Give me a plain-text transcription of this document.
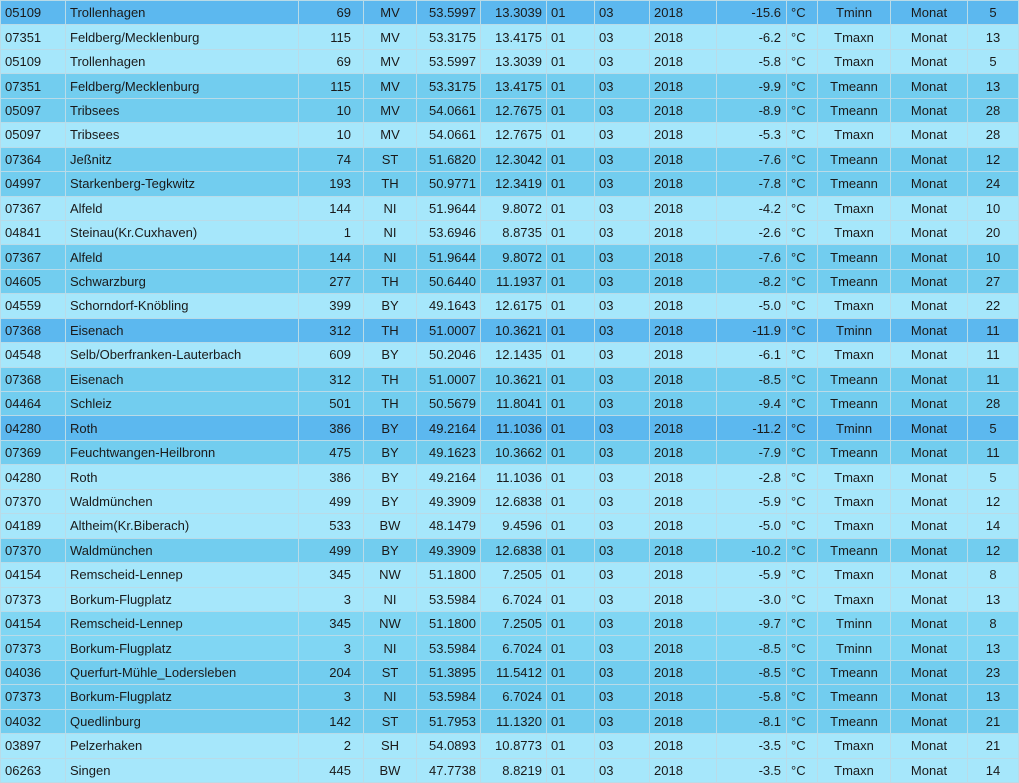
05109	Trollenhagen	69	MV	53.5997	13.3039	01	03	2018	-15.6	°C	Tminn	Monat	5
07351	Feldberg/Mecklenburg	115	MV	53.3175	13.4175	01	03	2018	-6.2	°C	Tmaxn	Monat	13
05109	Trollenhagen	69	MV	53.5997	13.3039	01	03	2018	-5.8	°C	Tmaxn	Monat	5
07351	Feldberg/Mecklenburg	115	MV	53.3175	13.4175	01	03	2018	-9.9	°C	Tmeann	Monat	13
05097	Tribsees	10	MV	54.0661	12.7675	01	03	2018	-8.9	°C	Tmeann	Monat	28
05097	Tribsees	10	MV	54.0661	12.7675	01	03	2018	-5.3	°C	Tmaxn	Monat	28
07364	Jeßnitz	74	ST	51.6820	12.3042	01	03	2018	-7.6	°C	Tmeann	Monat	12
04997	Starkenberg-Tegkwitz	193	TH	50.9771	12.3419	01	03	2018	-7.8	°C	Tmeann	Monat	24
07367	Alfeld	144	NI	51.9644	9.8072	01	03	2018	-4.2	°C	Tmaxn	Monat	10
04841	Steinau(Kr.Cuxhaven)	1	NI	53.6946	8.8735	01	03	2018	-2.6	°C	Tmaxn	Monat	20
07367	Alfeld	144	NI	51.9644	9.8072	01	03	2018	-7.6	°C	Tmeann	Monat	10
04605	Schwarzburg	277	TH	50.6440	11.1937	01	03	2018	-8.2	°C	Tmeann	Monat	27
04559	Schorndorf-Knöbling	399	BY	49.1643	12.6175	01	03	2018	-5.0	°C	Tmaxn	Monat	22
07368	Eisenach	312	TH	51.0007	10.3621	01	03	2018	-11.9	°C	Tminn	Monat	11
04548	Selb/Oberfranken-Lauterbach	609	BY	50.2046	12.1435	01	03	2018	-6.1	°C	Tmaxn	Monat	11
07368	Eisenach	312	TH	51.0007	10.3621	01	03	2018	-8.5	°C	Tmeann	Monat	11
04464	Schleiz	501	TH	50.5679	11.8041	01	03	2018	-9.4	°C	Tmeann	Monat	28
04280	Roth	386	BY	49.2164	11.1036	01	03	2018	-11.2	°C	Tminn	Monat	5
07369	Feuchtwangen-Heilbronn	475	BY	49.1623	10.3662	01	03	2018	-7.9	°C	Tmeann	Monat	11
04280	Roth	386	BY	49.2164	11.1036	01	03	2018	-2.8	°C	Tmaxn	Monat	5
07370	Waldmünchen	499	BY	49.3909	12.6838	01	03	2018	-5.9	°C	Tmaxn	Monat	12
04189	Altheim(Kr.Biberach)	533	BW	48.1479	9.4596	01	03	2018	-5.0	°C	Tmaxn	Monat	14
07370	Waldmünchen	499	BY	49.3909	12.6838	01	03	2018	-10.2	°C	Tmeann	Monat	12
04154	Remscheid-Lennep	345	NW	51.1800	7.2505	01	03	2018	-5.9	°C	Tmaxn	Monat	8
07373	Borkum-Flugplatz	3	NI	53.5984	6.7024	01	03	2018	-3.0	°C	Tmaxn	Monat	13
04154	Remscheid-Lennep	345	NW	51.1800	7.2505	01	03	2018	-9.7	°C	Tminn	Monat	8
07373	Borkum-Flugplatz	3	NI	53.5984	6.7024	01	03	2018	-8.5	°C	Tminn	Monat	13
04036	Querfurt-Mühle_Lodersleben	204	ST	51.3895	11.5412	01	03	2018	-8.5	°C	Tmeann	Monat	23
07373	Borkum-Flugplatz	3	NI	53.5984	6.7024	01	03	2018	-5.8	°C	Tmeann	Monat	13
04032	Quedlinburg	142	ST	51.7953	11.1320	01	03	2018	-8.1	°C	Tmeann	Monat	21
03897	Pelzerhaken	2	SH	54.0893	10.8773	01	03	2018	-3.5	°C	Tmaxn	Monat	21
06263	Singen	445	BW	47.7738	8.8219	01	03	2018	-3.5	°C	Tmaxn	Monat	14
